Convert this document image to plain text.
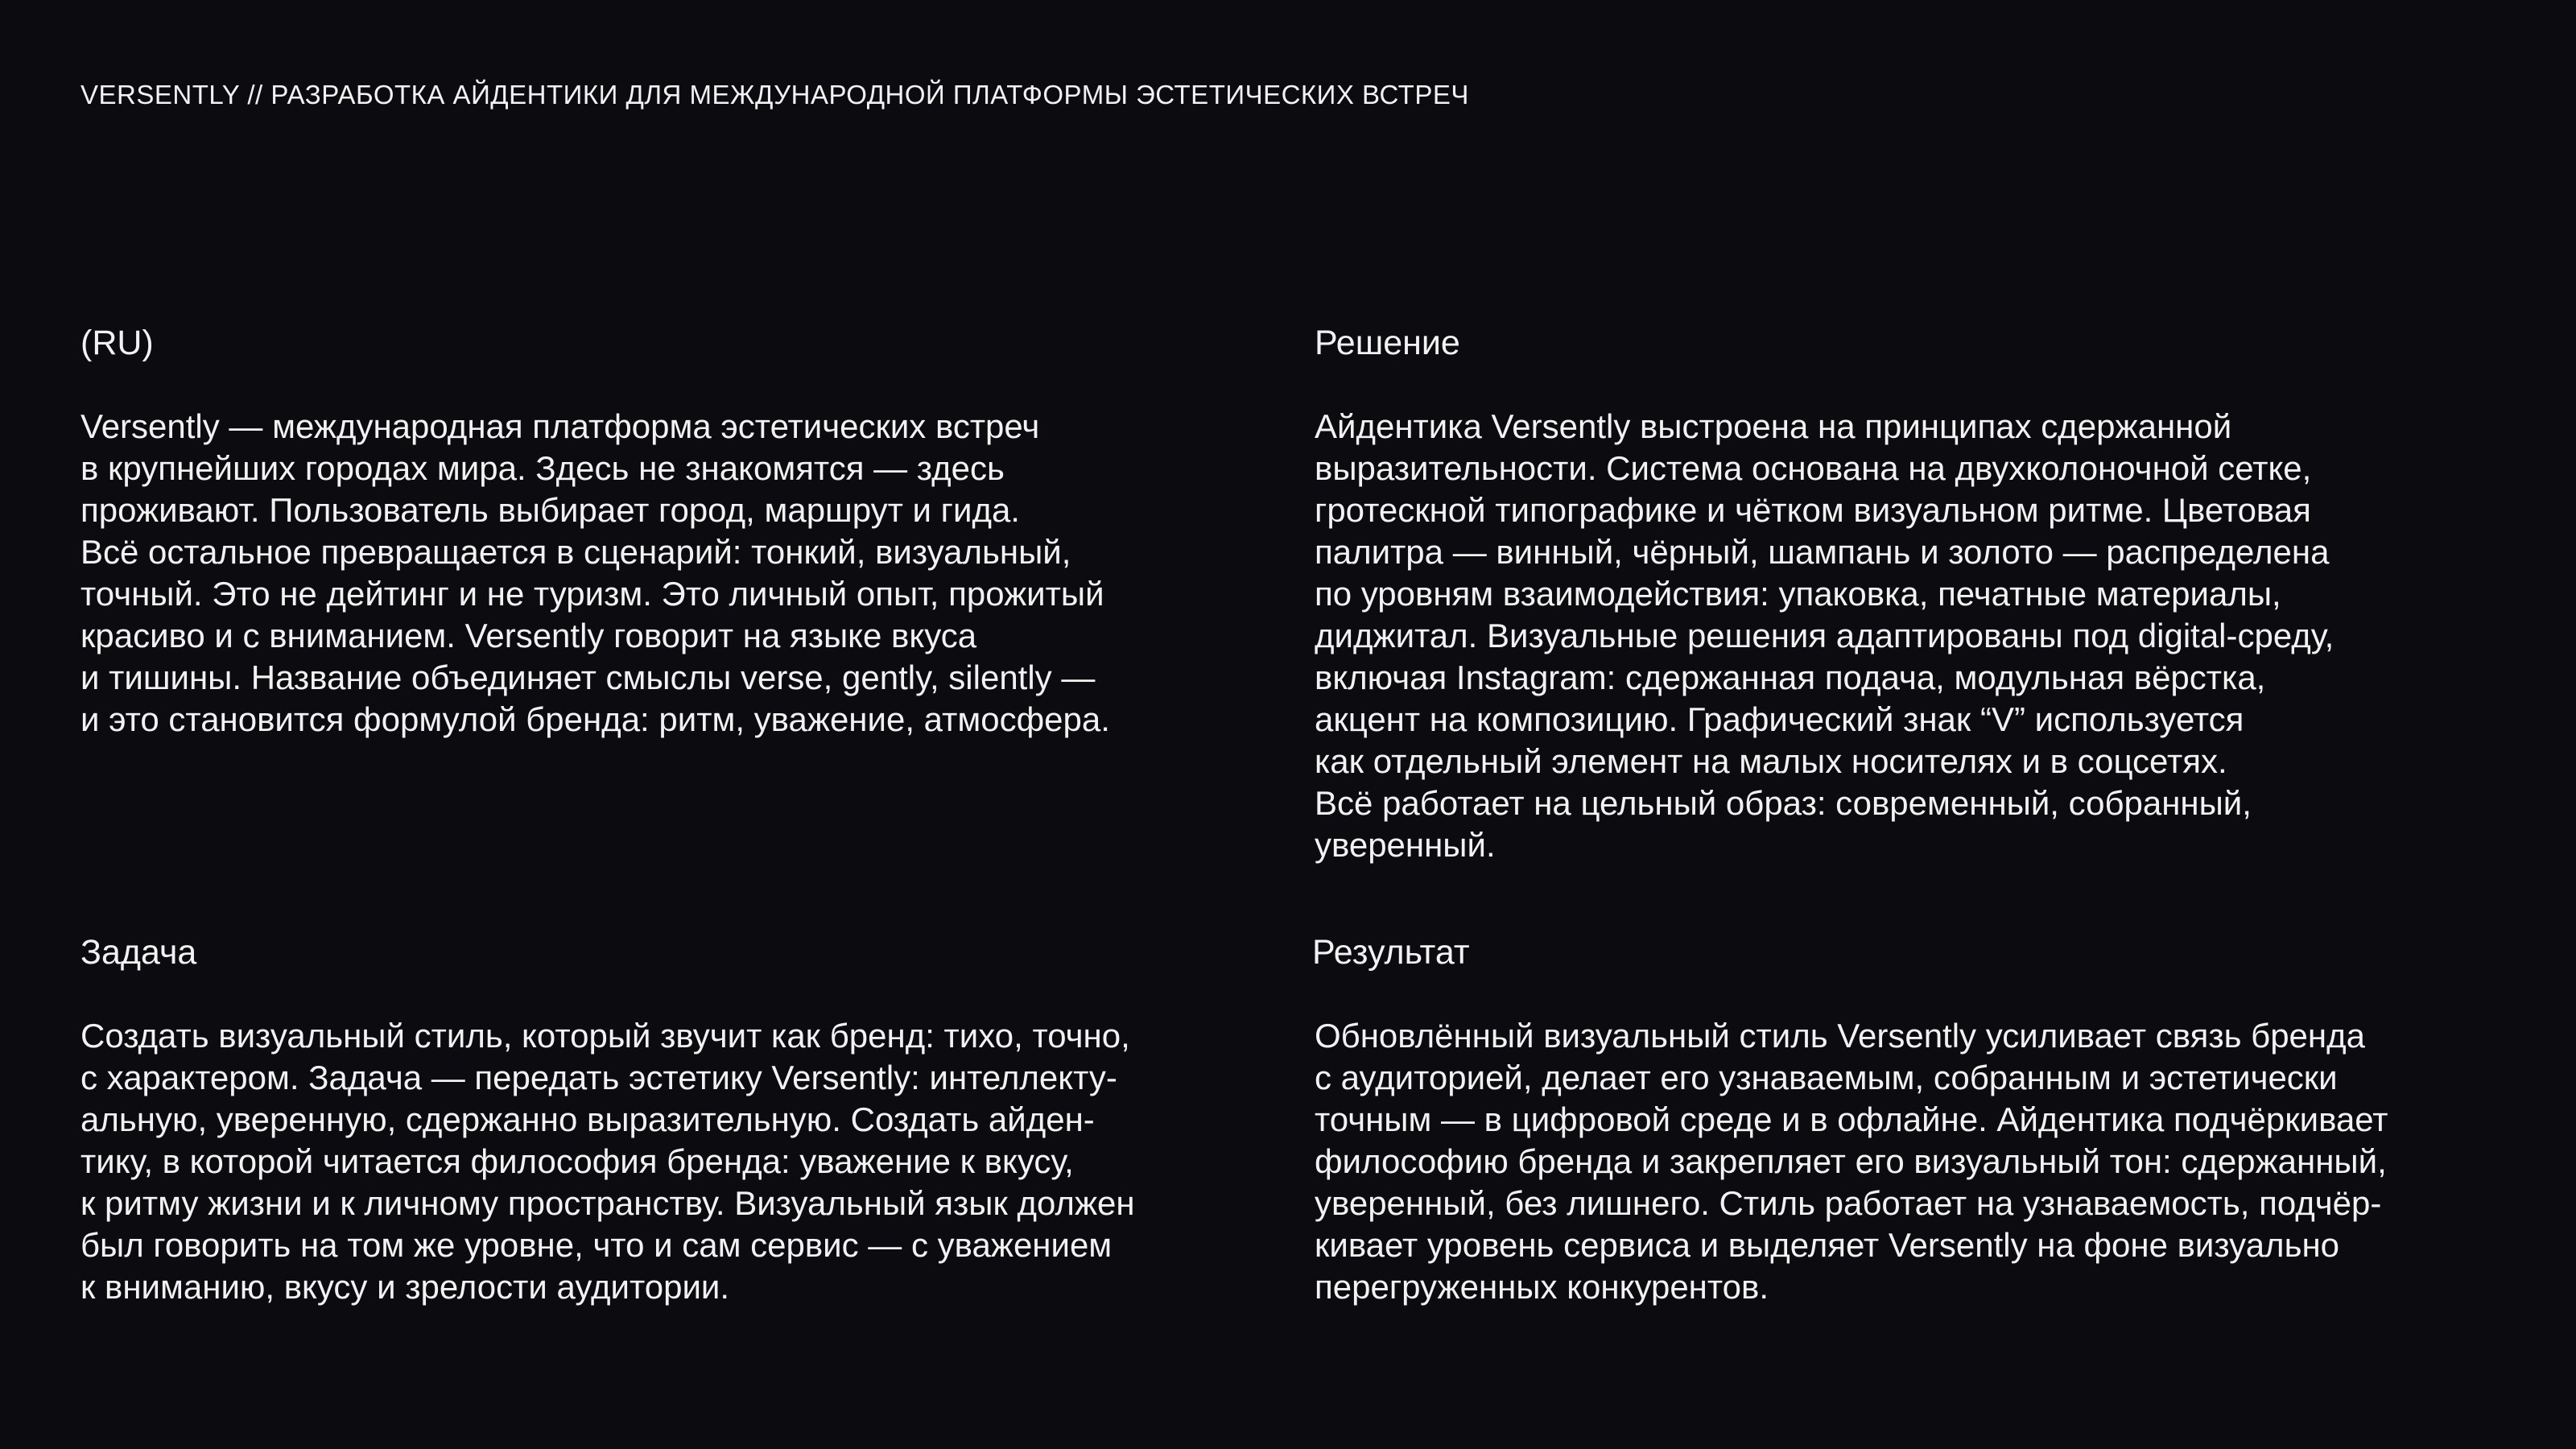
VERSENTLY // РАЗРАБОТКА АЙДЕНТИКИ ДЛЯ МЕЖДУНАРОДНОЙ ПЛАТФОРМЫ ЭСТЕТИЧЕСКИХ ВСТРЕЧ
(RU)
Versently — международная платформа эстетических встреч
в крупнейших городах мира. Здесь не знакомятся — здесь
проживают. Пользователь выбирает город, маршрут и гида.
Всё остальное превращается в сценарий: тонкий, визуальный,
точный. Это не дейтинг и не туризм. Это личный опыт, прожитый
красиво и с вниманием. Versently говорит на языке вкуса
и тишины. Название объединяет смыслы verse, gently, silently —
и это становится формулой бренда: ритм, уважение, атмосфера.
Решение
Айдентика Versently выстроена на принципах сдержанной
выразительности. Система основана на двухколоночной сетке,
гротескной типографике и чётком визуальном ритме. Цветовая
палитра — винный, чёрный, шампань и золото — распределена
по уровням взаимодействия: упаковка, печатные материалы,
диджитал. Визуальные решения адаптированы под digital-среду,
включая Instagram: сдержанная подача, модульная вёрстка,
акцент на композицию. Графический знак “V” используется
как отдельный элемент на малых носителях и в соцсетях.
Всё работает на цельный образ: современный, собранный,
уверенный.
Задача
Создать визуальный стиль, который звучит как бренд: тихо, точно,
с характером. Задача — передать эстетику Versently: интеллекту-
альную, уверенную, сдержанно выразительную. Создать айден-
тику, в которой читается философия бренда: уважение к вкусу,
к ритму жизни и к личному пространству. Визуальный язык должен
был говорить на том же уровне, что и сам сервис — с уважением
к вниманию, вкусу и зрелости аудитории.
Результат
Обновлённый визуальный стиль Versently усиливает связь бренда
с аудиторией, делает его узнаваемым, собранным и эстетически
точным — в цифровой среде и в офлайне. Айдентика подчёркивает
философию бренда и закрепляет его визуальный тон: сдержанный,
уверенный, без лишнего. Стиль работает на узнаваемость, подчёр-
кивает уровень сервиса и выделяет Versently на фоне визуально
перегруженных конкурентов.
